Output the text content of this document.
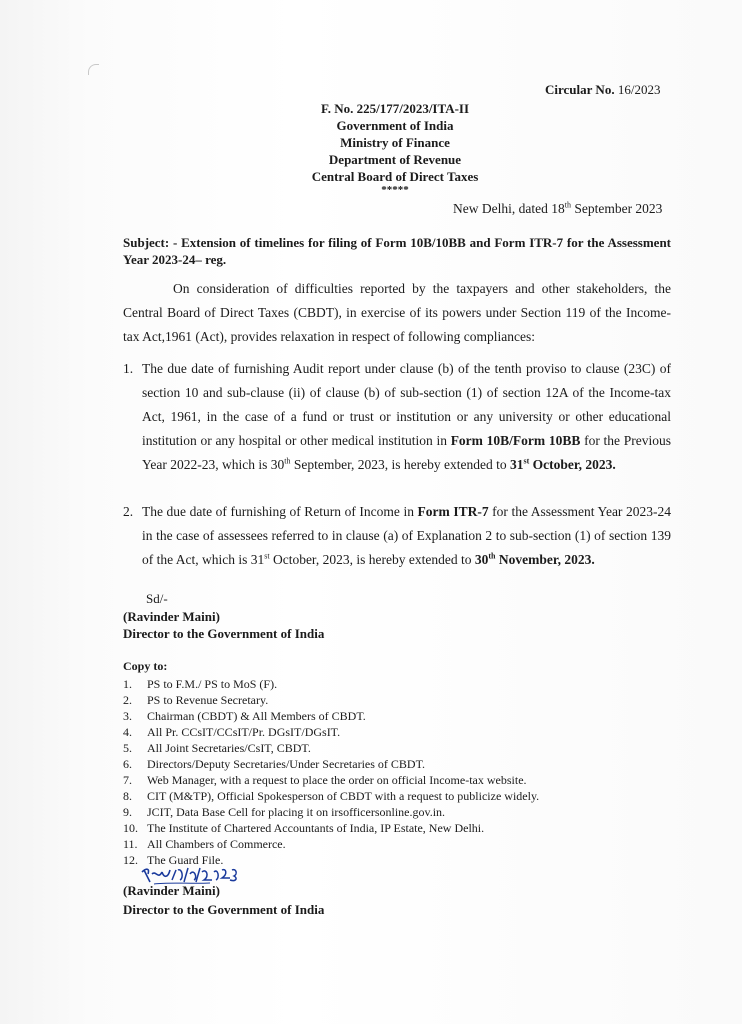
Circular No. 16/2023
F. No. 225/177/2023/ITA-II
Government of India
Ministry of Finance
Department of Revenue
Central Board of Direct Taxes
*****
New Delhi, dated 18th September 2023
Subject: - Extension of timelines for filing of Form 10B/10BB and Form ITR-7 for the Assessment Year 2023-24– reg.
On consideration of difficulties reported by the taxpayers and other stakeholders, the Central Board of Direct Taxes (CBDT), in exercise of its powers under Section 119 of the Income-tax Act,1961 (Act), provides relaxation in respect of following compliances:
1. The due date of furnishing Audit report under clause (b) of the tenth proviso to clause (23C) of section 10 and sub-clause (ii) of clause (b) of sub-section (1) of section 12A of the Income-tax Act, 1961, in the case of a fund or trust or institution or any university or other educational institution or any hospital or other medical institution in Form 10B/Form 10BB for the Previous Year 2022-23, which is 30th September, 2023, is hereby extended to 31st October, 2023.
2. The due date of furnishing of Return of Income in Form ITR-7 for the Assessment Year 2023-24 in the case of assessees referred to in clause (a) of Explanation 2 to sub-section (1) of section 139 of the Act, which is 31st October, 2023, is hereby extended to 30th November, 2023.
Sd/-
(Ravinder Maini)
Director to the Government of India
Copy to:
1. PS to F.M./ PS to MoS (F).
2. PS to Revenue Secretary.
3. Chairman (CBDT) & All Members of CBDT.
4. All Pr. CCsIT/CCsIT/Pr. DGsIT/DGsIT.
5. All Joint Secretaries/CsIT, CBDT.
6. Directors/Deputy Secretaries/Under Secretaries of CBDT.
7. Web Manager, with a request to place the order on official Income-tax website.
8. CIT (M&TP), Official Spokesperson of CBDT with a request to publicize widely.
9. JCIT, Data Base Cell for placing it on irsofficersonline.gov.in.
10. The Institute of Chartered Accountants of India, IP Estate, New Delhi.
11. All Chambers of Commerce.
12. The Guard File.
(Ravinder Maini)
Director to the Government of India
